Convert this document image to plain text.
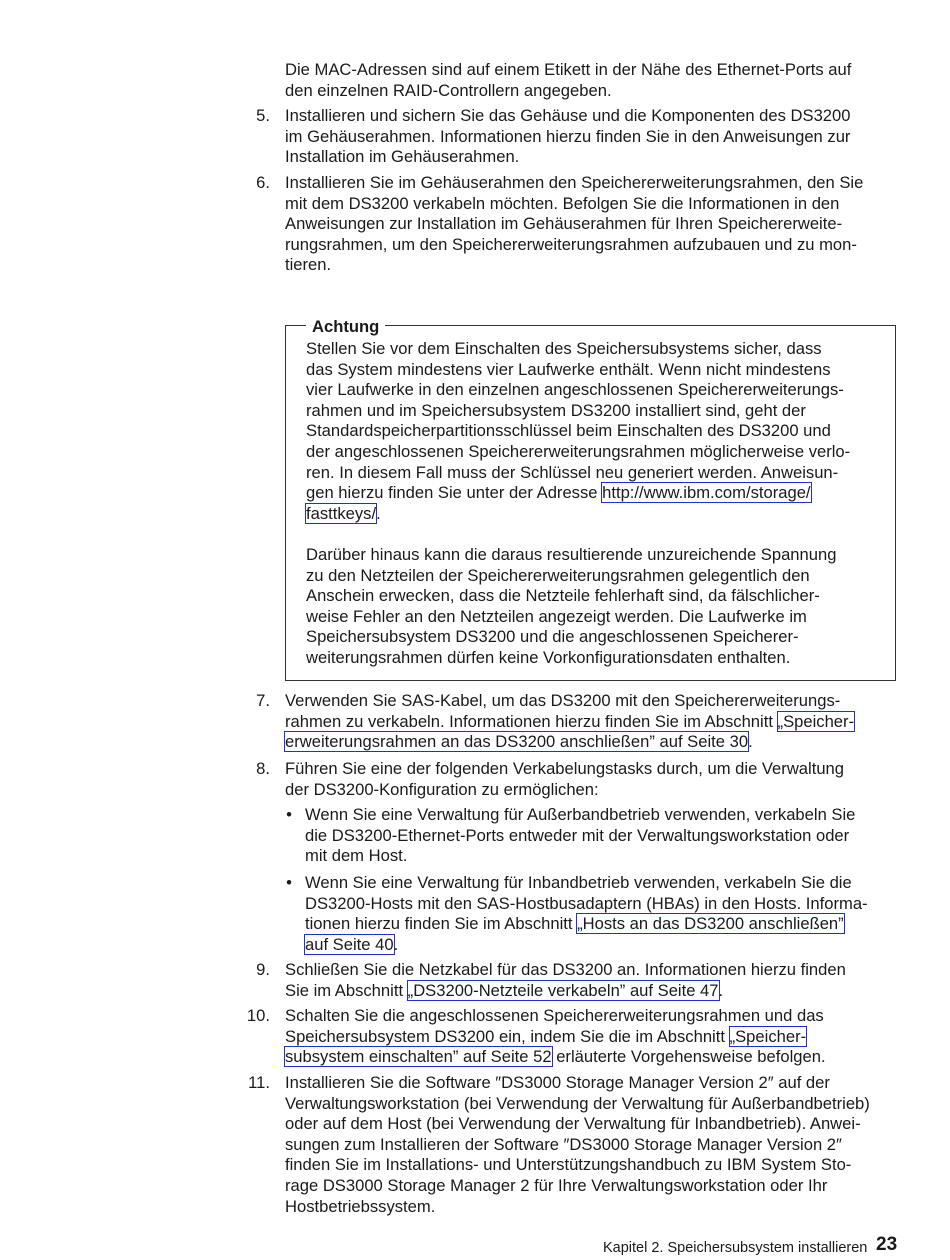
Die MAC-Adressen sind auf einem Etikett in der Nähe des Ethernet-Ports auf
den einzelnen RAID-Controllern angegeben.
5. Installieren und sichern Sie das Gehäuse und die Komponenten des DS3200
im Gehäuserahmen. Informationen hierzu finden Sie in den Anweisungen zur
Installation im Gehäuserahmen.
6. Installieren Sie im Gehäuserahmen den Speichererweiterungsrahmen, den Sie
mit dem DS3200 verkabeln möchten. Befolgen Sie die Informationen in den
Anweisungen zur Installation im Gehäuserahmen für Ihren Speichererweite-
rungsrahmen, um den Speichererweiterungsrahmen aufzubauen und zu mon-
tieren.
Achtung
Stellen Sie vor dem Einschalten des Speichersubsystems sicher, dass
das System mindestens vier Laufwerke enthält. Wenn nicht mindestens
vier Laufwerke in den einzelnen angeschlossenen Speichererweiterungs-
rahmen und im Speichersubsystem DS3200 installiert sind, geht der
Standardspeicherpartitionsschlüssel beim Einschalten des DS3200 und
der angeschlossenen Speichererweiterungsrahmen möglicherweise verlo-
ren. In diesem Fall muss der Schlüssel neu generiert werden. Anweisun-
gen hierzu finden Sie unter der Adresse http://www.ibm.com/storage/
fasttkeys/.
Darüber hinaus kann die daraus resultierende unzureichende Spannung
zu den Netzteilen der Speichererweiterungsrahmen gelegentlich den
Anschein erwecken, dass die Netzteile fehlerhaft sind, da fälschlicher-
weise Fehler an den Netzteilen angezeigt werden. Die Laufwerke im
Speichersubsystem DS3200 und die angeschlossenen Speicherer-
weiterungsrahmen dürfen keine Vorkonfigurationsdaten enthalten.
7. Verwenden Sie SAS-Kabel, um das DS3200 mit den Speichererweiterungs-
rahmen zu verkabeln. Informationen hierzu finden Sie im Abschnitt „Speicher-
erweiterungsrahmen an das DS3200 anschließen” auf Seite 30.
8. Führen Sie eine der folgenden Verkabelungstasks durch, um die Verwaltung
der DS3200-Konfiguration zu ermöglichen:
• Wenn Sie eine Verwaltung für Außerbandbetrieb verwenden, verkabeln Sie
die DS3200-Ethernet-Ports entweder mit der Verwaltungsworkstation oder
mit dem Host.
• Wenn Sie eine Verwaltung für Inbandbetrieb verwenden, verkabeln Sie die
DS3200-Hosts mit den SAS-Hostbusadaptern (HBAs) in den Hosts. Informa-
tionen hierzu finden Sie im Abschnitt „Hosts an das DS3200 anschließen”
auf Seite 40.
9. Schließen Sie die Netzkabel für das DS3200 an. Informationen hierzu finden
Sie im Abschnitt „DS3200-Netzteile verkabeln” auf Seite 47.
10. Schalten Sie die angeschlossenen Speichererweiterungsrahmen und das
Speichersubsystem DS3200 ein, indem Sie die im Abschnitt „Speicher-
subsystem einschalten” auf Seite 52 erläuterte Vorgehensweise befolgen.
11. Installieren Sie die Software ″DS3000 Storage Manager Version 2″ auf der
Verwaltungsworkstation (bei Verwendung der Verwaltung für Außerbandbetrieb)
oder auf dem Host (bei Verwendung der Verwaltung für Inbandbetrieb). Anwei-
sungen zum Installieren der Software ″DS3000 Storage Manager Version 2″
finden Sie im Installations- und Unterstützungshandbuch zu IBM System Sto-
rage DS3000 Storage Manager 2 für Ihre Verwaltungsworkstation oder Ihr
Hostbetriebssystem.
Kapitel 2. Speichersubsystem installieren 23
